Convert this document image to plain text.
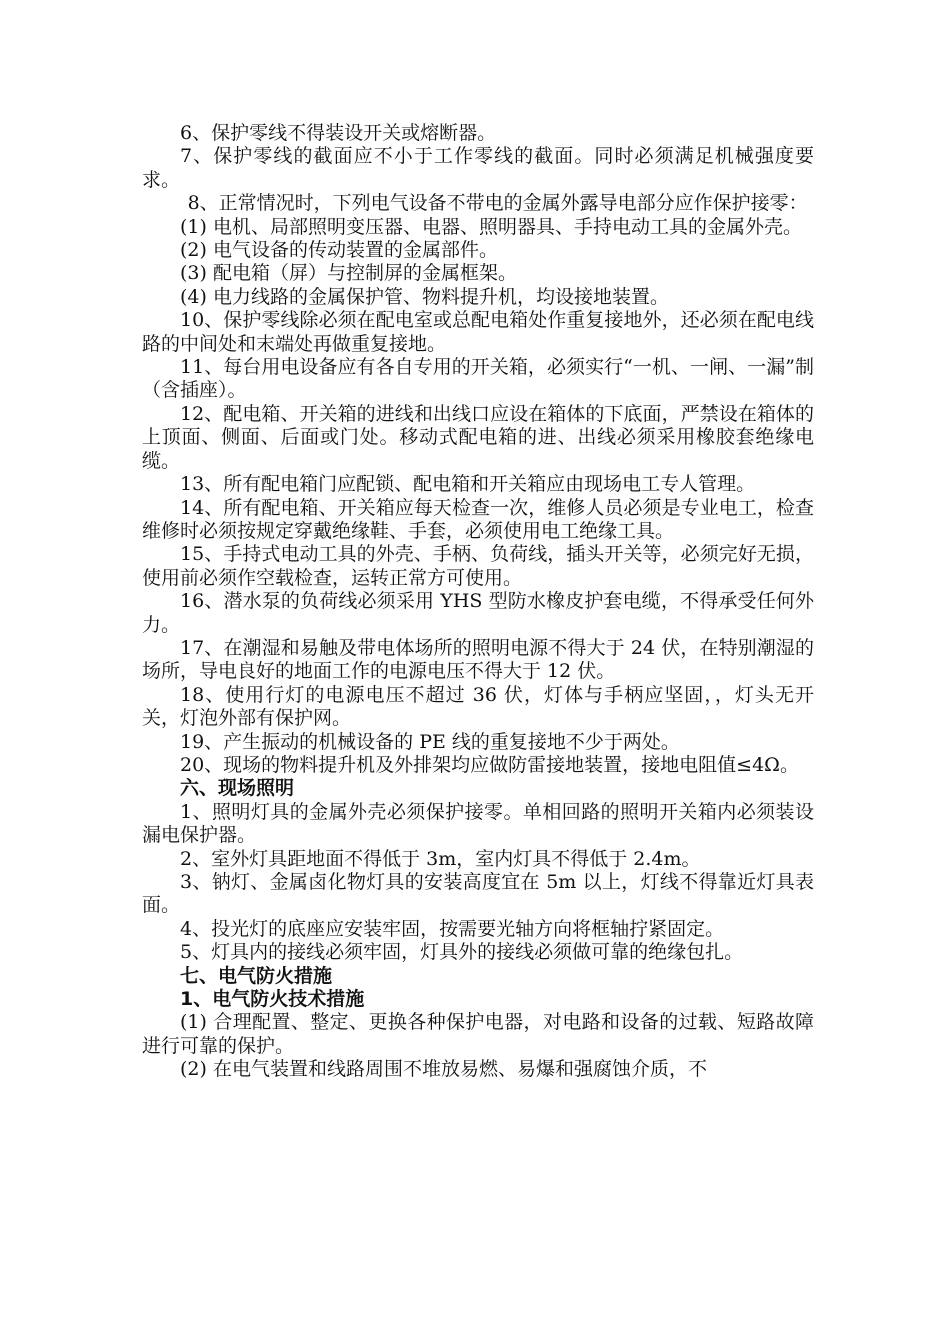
6、保护零线不得装设开关或熔断器。

7、保护零线的截面应不小于工作零线的截面。同时必须满足机械强度要求。

8、正常情况时，下列电气设备不带电的金属外露导电部分应作保护接零：

(1) 电机、局部照明变压器、电器、照明器具、手持电动工具的金属外壳。

(2) 电气设备的传动装置的金属部件。

(3) 配电箱（屏）与控制屏的金属框架。

(4) 电力线路的金属保护管、物料提升机，均设接地装置。

10、保护零线除必须在配电室或总配电箱处作重复接地外，还必须在配电线路的中间处和末端处再做重复接地。

11、每台用电设备应有各自专用的开关箱，必须实行“一机、一闸、一漏”制（含插座）。

12、配电箱、开关箱的进线和出线口应设在箱体的下底面，严禁设在箱体的上顶面、侧面、后面或门处。移动式配电箱的进、出线必须采用橡胶套绝缘电缆。

13、所有配电箱门应配锁、配电箱和开关箱应由现场电工专人管理。

14、所有配电箱、开关箱应每天检查一次，维修人员必须是专业电工，检查维修时必须按规定穿戴绝缘鞋、手套，必须使用电工绝缘工具。

15、手持式电动工具的外壳、手柄、负荷线，插头开关等，必须完好无损，使用前必须作空载检查，运转正常方可使用。

16、潜水泵的负荷线必须采用 YHS 型防水橡皮护套电缆，不得承受任何外力。

17、在潮湿和易触及带电体场所的照明电源不得大于 24 伏，在特别潮湿的场所，导电良好的地面工作的电源电压不得大于 12 伏。

18、使用行灯的电源电压不超过 36 伏，灯体与手柄应坚固，，灯头无开关，灯泡外部有保护网。

19、产生振动的机械设备的 PE 线的重复接地不少于两处。

20、现场的物料提升机及外排架均应做防雷接地装置，接地电阻值≤4Ω。

六、现场照明

1、照明灯具的金属外壳必须保护接零。单相回路的照明开关箱内必须装设漏电保护器。

2、室外灯具距地面不得低于 3m，室内灯具不得低于 2.4m。

3、钠灯、金属卤化物灯具的安装高度宜在 5m 以上，灯线不得靠近灯具表面。

4、投光灯的底座应安装牢固，按需要光轴方向将框轴拧紧固定。

5、灯具内的接线必须牢固，灯具外的接线必须做可靠的绝缘包扎。

七、电气防火措施

1、电气防火技术措施

(1) 合理配置、整定、更换各种保护电器，对电路和设备的过载、短路故障进行可靠的保护。

(2) 在电气装置和线路周围不堆放易燃、易爆和强腐蚀介质，不
